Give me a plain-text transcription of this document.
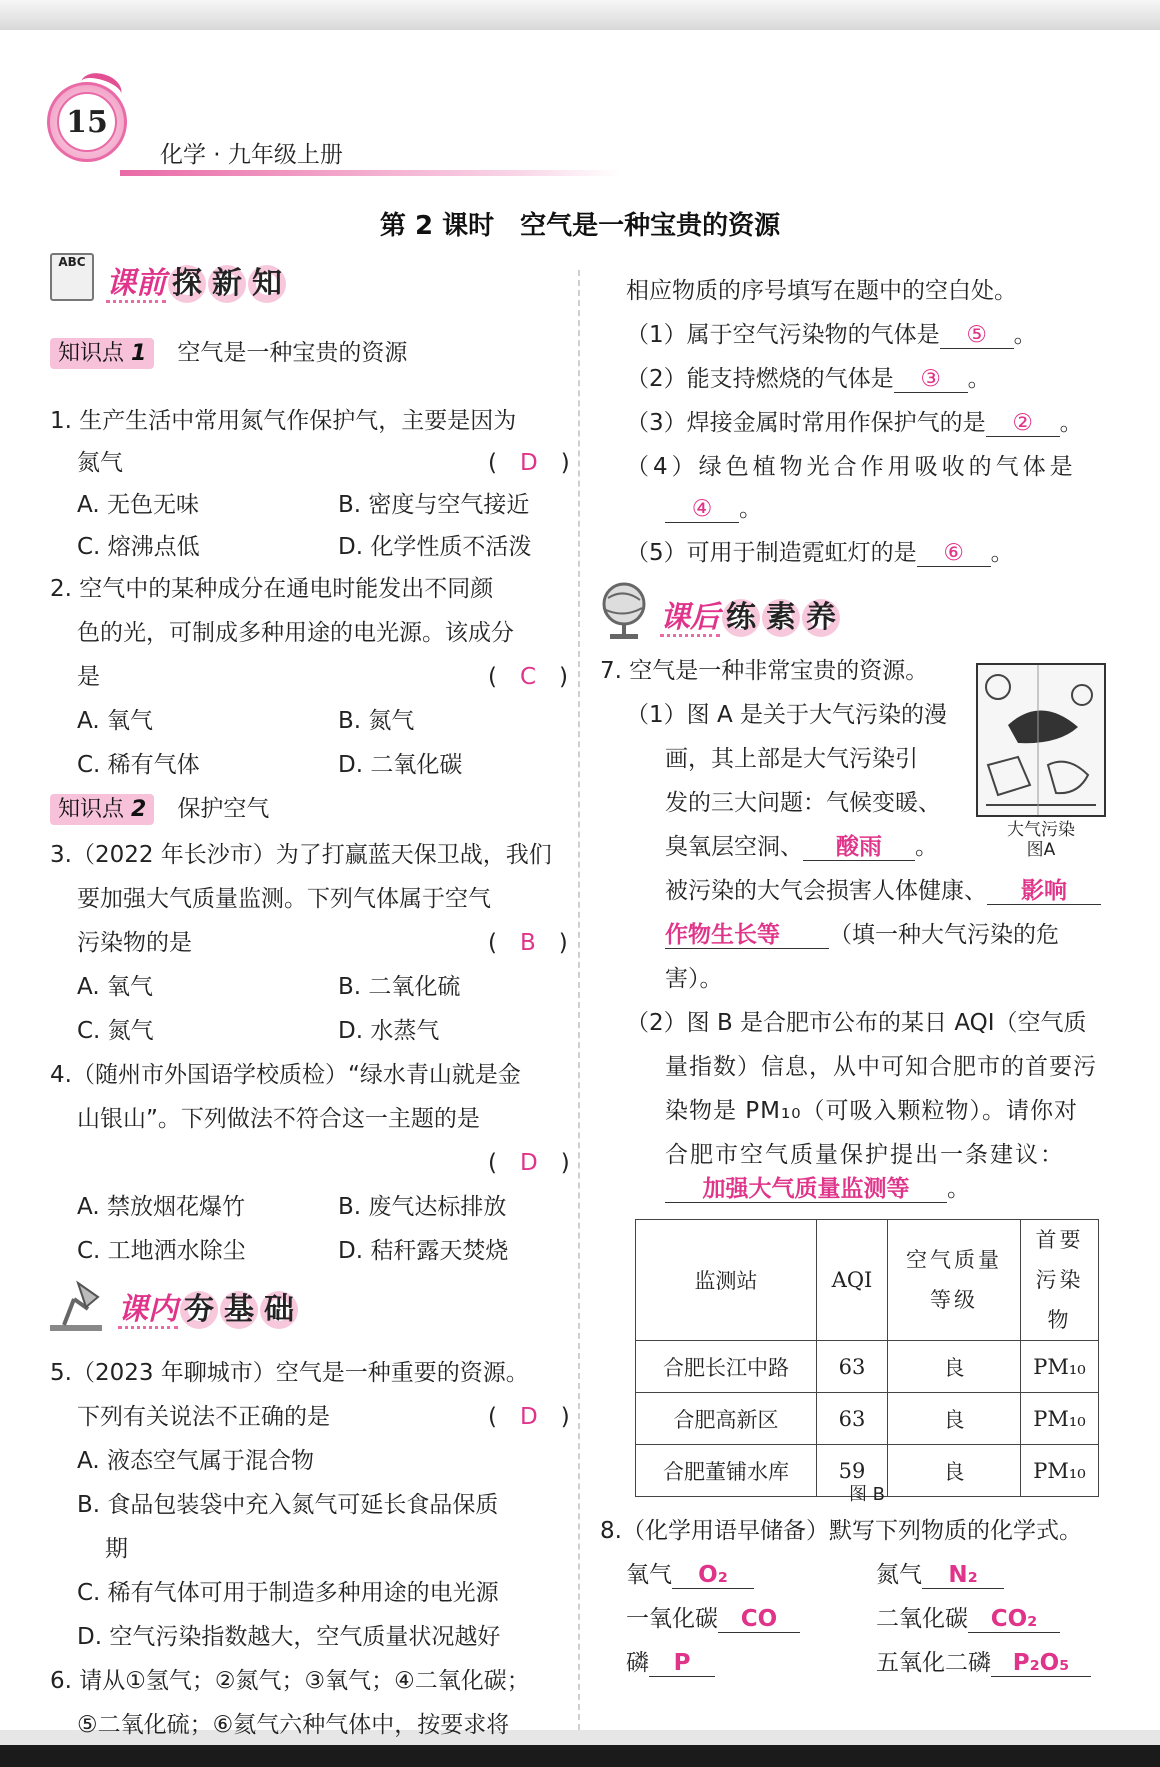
15
化学 · 九年级上册
第 2 课时　空气是一种宝贵的资源
ABC
课前 探 新 知
知识点 1　 空气是一种宝贵的资源
1. 生产生活中常用氮气作保护气，主要是因为
氮气	(　D　)
A. 无色无味	B. 密度与空气接近
C. 熔沸点低	D. 化学性质不活泼
2. 空气中的某种成分在通电时能发出不同颜
色的光，可制成多种用途的电光源。该成分
是	(　C　)
A. 氧气	B. 氮气
C. 稀有气体	D. 二氧化碳
知识点 2　 保护空气
3.（2022 年长沙市）为了打赢蓝天保卫战，我们
要加强大气质量监测。下列气体属于空气
污染物的是	(　B　)
A. 氧气	B. 二氧化硫
C. 氮气	D. 水蒸气
4.（随州市外国语学校质检）“绿水青山就是金
山银山”。下列做法不符合这一主题的是
(　D　)
A. 禁放烟花爆竹	B. 废气达标排放
C. 工地洒水除尘	D. 秸秆露天焚烧
课内 夯 基 础
5.（2023 年聊城市）空气是一种重要的资源。
下列有关说法不正确的是	(　D　)
A. 液态空气属于混合物
B. 食品包装袋中充入氮气可延长食品保质
期
C. 稀有气体可用于制造多种用途的电光源
D. 空气污染指数越大，空气质量状况越好
6. 请从①氢气；②氮气；③氧气；④二氧化碳；
⑤二氧化硫；⑥氦气六种气体中，按要求将
相应物质的序号填写在题中的空白处。
（1）属于空气污染物的气体是 ⑤ 。
（2）能支持燃烧的气体是 ③ 。
（3）焊接金属时常用作保护气的是 ② 。
（4）绿色植物光合作用吸收的气体是
④ 。
（5）可用于制造霓虹灯的是 ⑥ 。
课后 练 素 养
7. 空气是一种非常宝贵的资源。
（1）图 A 是关于大气污染的漫
画，其上部是大气污染引
发的三大问题：气候变暖、
臭氧层空洞、 酸雨 。
被污染的大气会损害人体健康、 影响
作物生长等 （填一种大气污染的危
害）。
大气污染
图A
（2）图 B 是合肥市公布的某日 AQI（空气质
量指数）信息，从中可知合肥市的首要污
染物是 PM₁₀（可吸入颗粒物）。请你对
合肥市空气质量保护提出一条建议：
加强大气质量监测等 。
监测站	AQI	空气质量等级	首要污染物
合肥长江中路	63	良	PM₁₀
合肥高新区	63	良	PM₁₀
合肥董铺水库	59	良	PM₁₀
图 B
8.（化学用语早储备）默写下列物质的化学式。
氧气 O₂	氮气 N₂
一氧化碳 CO	二氧化碳 CO₂
磷 P	五氧化二磷 P₂O₅
